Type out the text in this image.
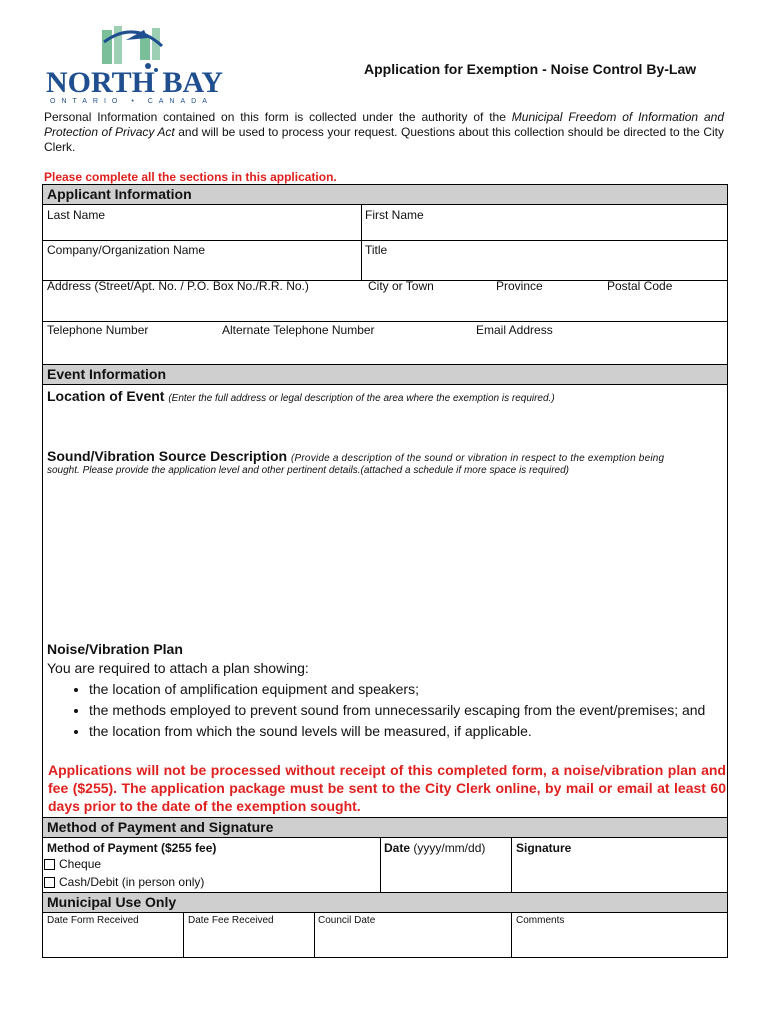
NORTH BAY
ONTARIO • CANADA
Application for Exemption - Noise Control By-Law
Personal Information contained on this form is collected under the authority of the Municipal Freedom of Information and Protection of Privacy Act and will be used to process your request. Questions about this collection should be directed to the City Clerk.
Please complete all the sections in this application.
Applicant Information
Last Name	First Name
Company/Organization Name	Title
Address (Street/Apt. No. / P.O. Box No./R.R. No.)	City or Town	Province	Postal Code
Telephone Number	Alternate Telephone Number	Email Address
Event Information
Location of Event (Enter the full address or legal description of the area where the exemption is required.)
Sound/Vibration Source Description (Provide a description of the sound or vibration in respect to the exemption being
sought. Please provide the application level and other pertinent details.(attached a schedule if more space is required)
Noise/Vibration Plan
You are required to attach a plan showing:
• the location of amplification equipment and speakers;
• the methods employed to prevent sound from unnecessarily escaping from the event/premises; and
• the location from which the sound levels will be measured, if applicable.
Applications will not be processed without receipt of this completed form, a noise/vibration plan and fee ($255). The application package must be sent to the City Clerk online, by mail or email at least 60 days prior to the date of the exemption sought.
Method of Payment and Signature
Method of Payment ($255 fee)
Cheque
Cash/Debit (in person only)
Date (yyyy/mm/dd)	Signature
Municipal Use Only
Date Form Received	Date Fee Received	Council Date	Comments
